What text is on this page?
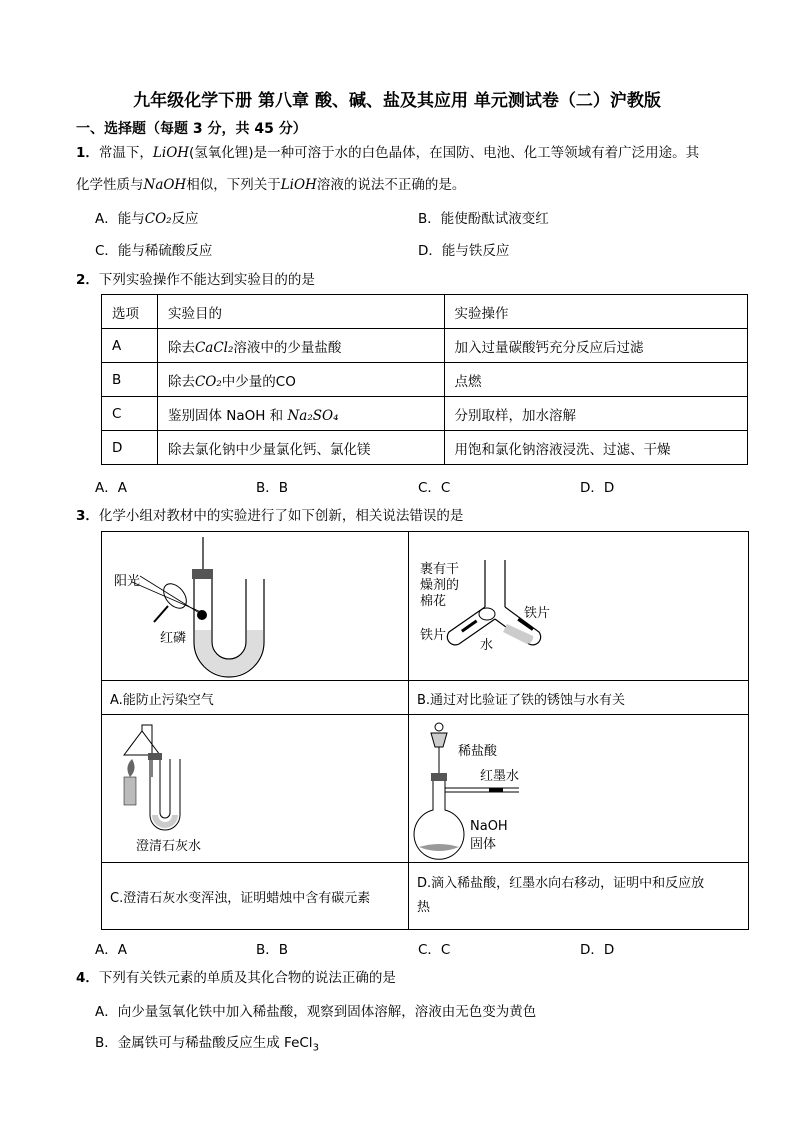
九年级化学下册 第八章 酸、碱、盐及其应用 单元测试卷（二）沪教版
一、选择题（每题 3 分，共 45 分）
1．常温下，LiOH(氢氧化锂)是一种可溶于水的白色晶体，在国防、电池、化工等领域有着广泛用途。其
化学性质与NaOH相似，下列关于LiOH溶液的说法不正确的是。
A．能与CO₂反应	B．能使酚酞试液变红
C．能与稀硫酸反应	D．能与铁反应
2．下列实验操作不能达到实验目的的是
选项	实验目的	实验操作
A	除去CaCl₂溶液中的少量盐酸	加入过量碳酸钙充分反应后过滤
B	除去CO₂中少量的CO	点燃
C	鉴别固体 NaOH 和 Na₂SO₄	分别取样，加水溶解
D	除去氯化钠中少量氯化钙、氯化镁	用饱和氯化钠溶液浸洗、过滤、干燥
A．A	B．B	C．C	D．D
3．化学小组对教材中的实验进行了如下创新，相关说法错误的是
阳光
红磷
裹有干
燥剂的
棉花
铁片
铁片
水
A.能防止污染空气	B.通过对比验证了铁的锈蚀与水有关
澄清石灰水
稀盐酸
红墨水
NaOH
固体
C.澄清石灰水变浑浊，证明蜡烛中含有碳元素
D.滴入稀盐酸，红墨水向右移动，证明中和反应放
热
A．A	B．B	C．C	D．D
4．下列有关铁元素的单质及其化合物的说法正确的是
A．向少量氢氧化铁中加入稀盐酸，观察到固体溶解，溶液由无色变为黄色
B．金属铁可与稀盐酸反应生成 FeCl$_3$
